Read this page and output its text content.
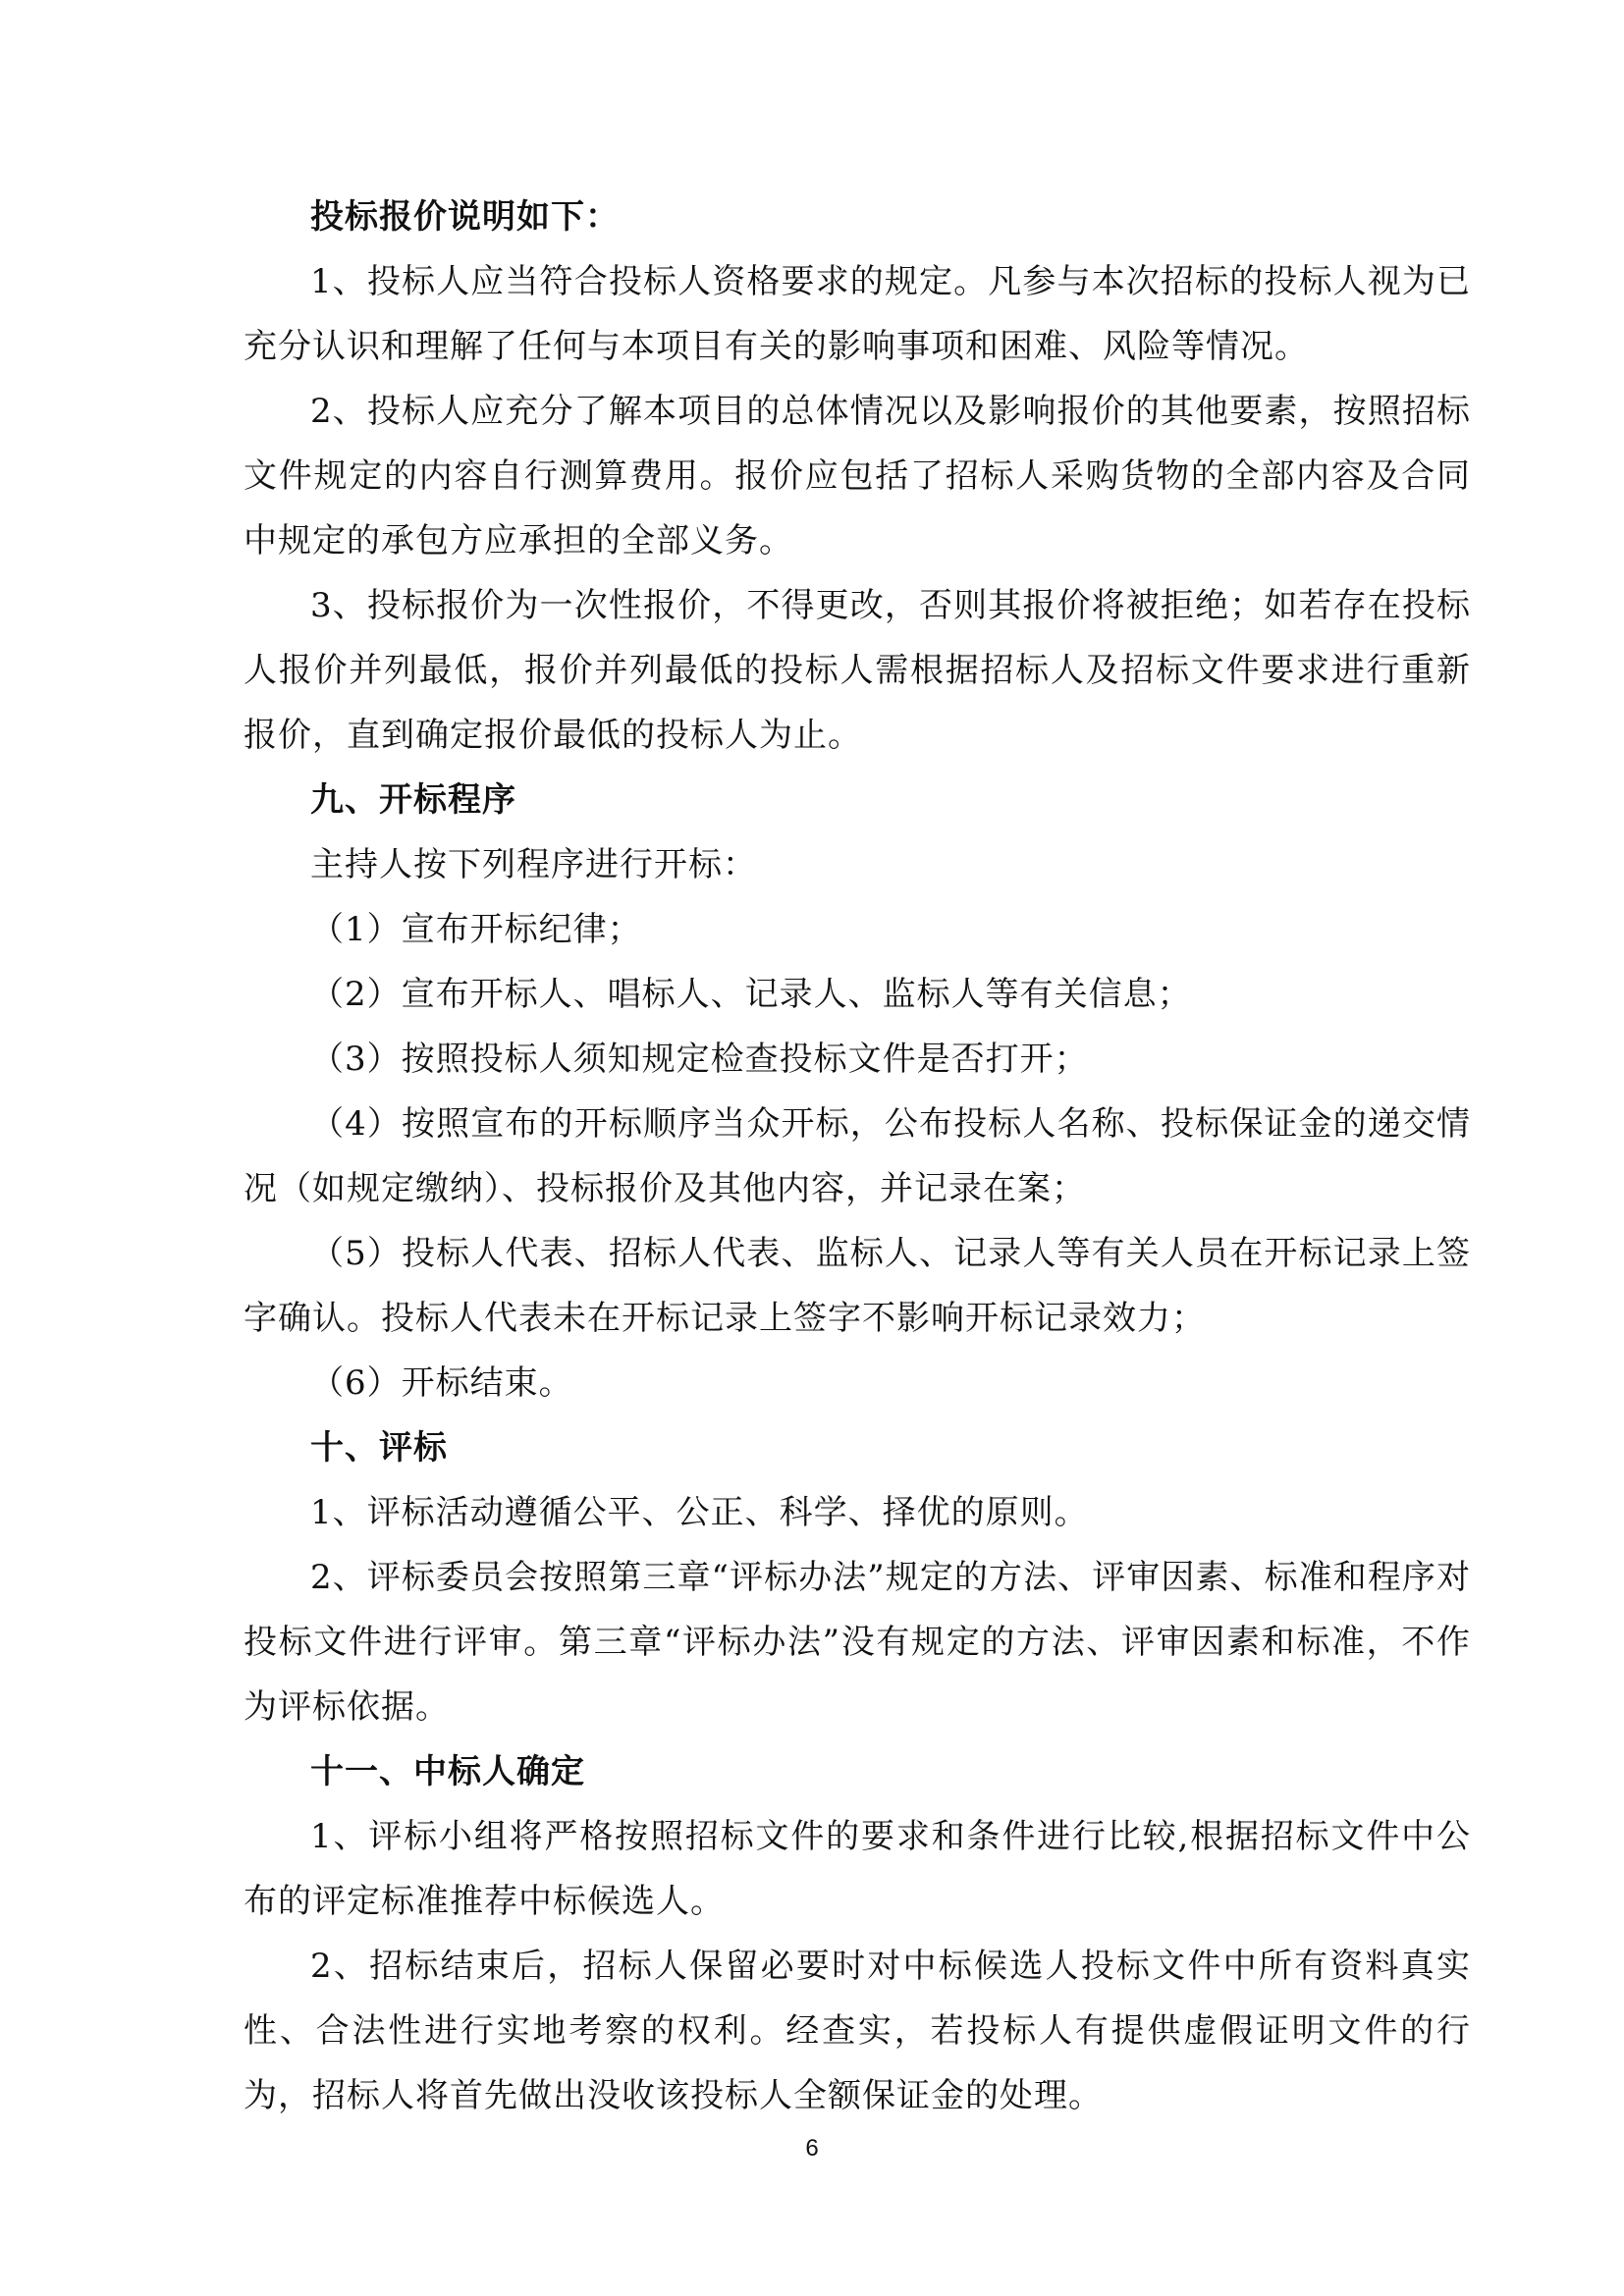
投标报价说明如下：

1、投标人应当符合投标人资格要求的规定。凡参与本次招标的投标人视为已充分认识和理解了任何与本项目有关的影响事项和困难、风险等情况。

2、投标人应充分了解本项目的总体情况以及影响报价的其他要素，按照招标文件规定的内容自行测算费用。报价应包括了招标人采购货物的全部内容及合同中规定的承包方应承担的全部义务。

3、投标报价为一次性报价，不得更改，否则其报价将被拒绝；如若存在投标人报价并列最低，报价并列最低的投标人需根据招标人及招标文件要求进行重新报价，直到确定报价最低的投标人为止。

九、开标程序

主持人按下列程序进行开标：

（1）宣布开标纪律；

（2）宣布开标人、唱标人、记录人、监标人等有关信息；

（3）按照投标人须知规定检查投标文件是否打开；

（4）按照宣布的开标顺序当众开标，公布投标人名称、投标保证金的递交情况（如规定缴纳）、投标报价及其他内容，并记录在案；

（5）投标人代表、招标人代表、监标人、记录人等有关人员在开标记录上签字确认。投标人代表未在开标记录上签字不影响开标记录效力；

（6）开标结束。

十、评标

1、评标活动遵循公平、公正、科学、择优的原则。

2、评标委员会按照第三章“评标办法”规定的方法、评审因素、标准和程序对投标文件进行评审。第三章“评标办法”没有规定的方法、评审因素和标准，不作为评标依据。

十一、中标人确定

1、评标小组将严格按照招标文件的要求和条件进行比较,根据招标文件中公布的评定标准推荐中标候选人。

2、招标结束后，招标人保留必要时对中标候选人投标文件中所有资料真实性、合法性进行实地考察的权利。经查实，若投标人有提供虚假证明文件的行为，招标人将首先做出没收该投标人全额保证金的处理。

6
